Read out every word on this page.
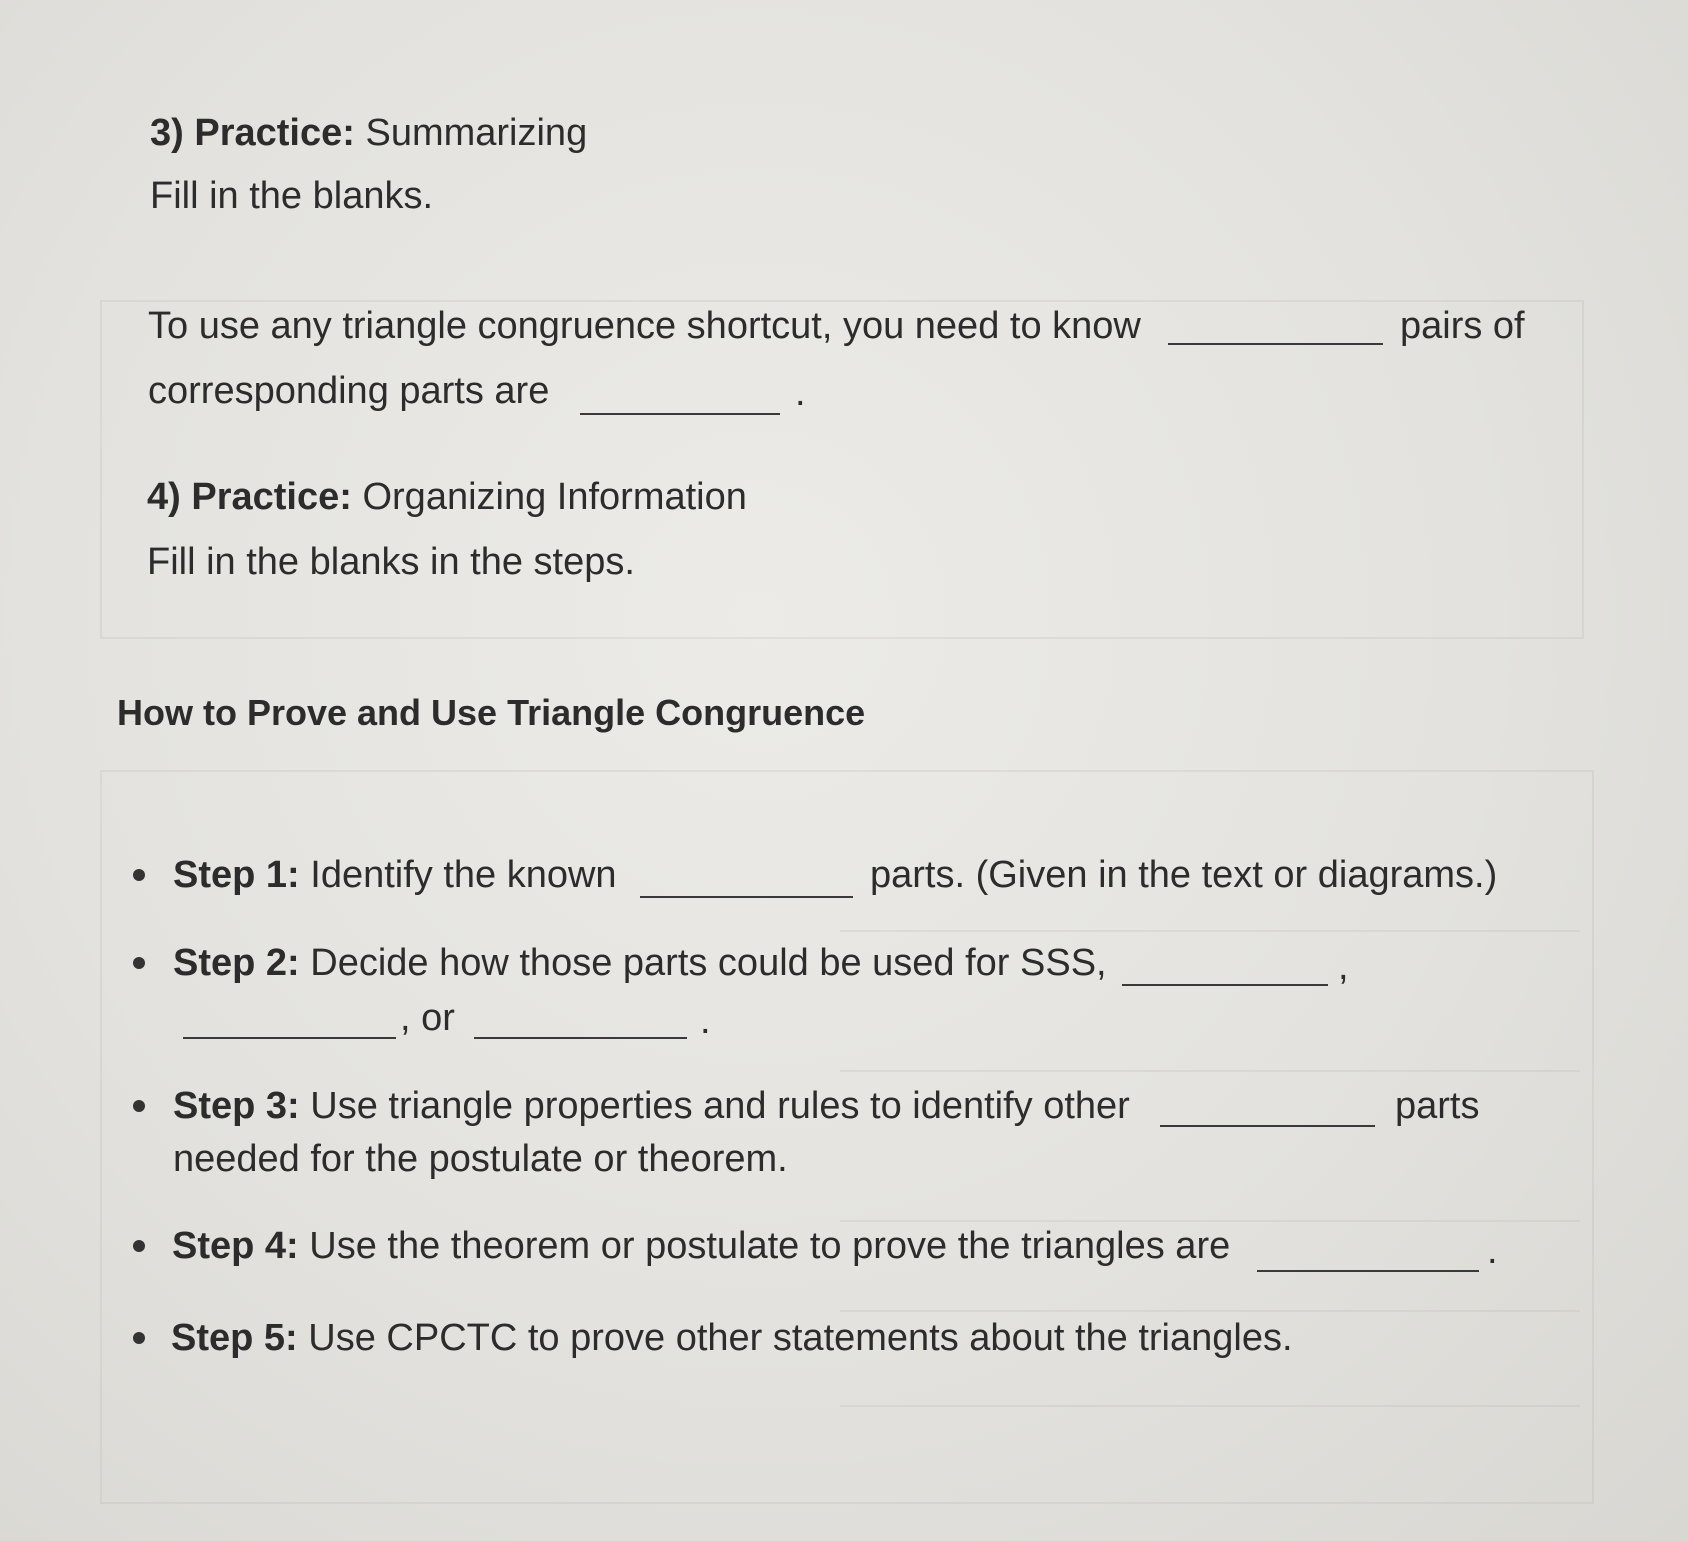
3) Practice: Summarizing
Fill in the blanks.
To use any triangle congruence shortcut, you need to know	pairs of
corresponding parts are	.
4) Practice: Organizing Information
Fill in the blanks in the steps.
How to Prove and Use Triangle Congruence
Step 1: Identify the known	parts. (Given in the text or diagrams.)
Step 2: Decide how those parts could be used for SSS,	,
, or	.
Step 3: Use triangle properties and rules to identify other	parts
needed for the postulate or theorem.
Step 4: Use the theorem or postulate to prove the triangles are	.
Step 5: Use CPCTC to prove other statements about the triangles.
